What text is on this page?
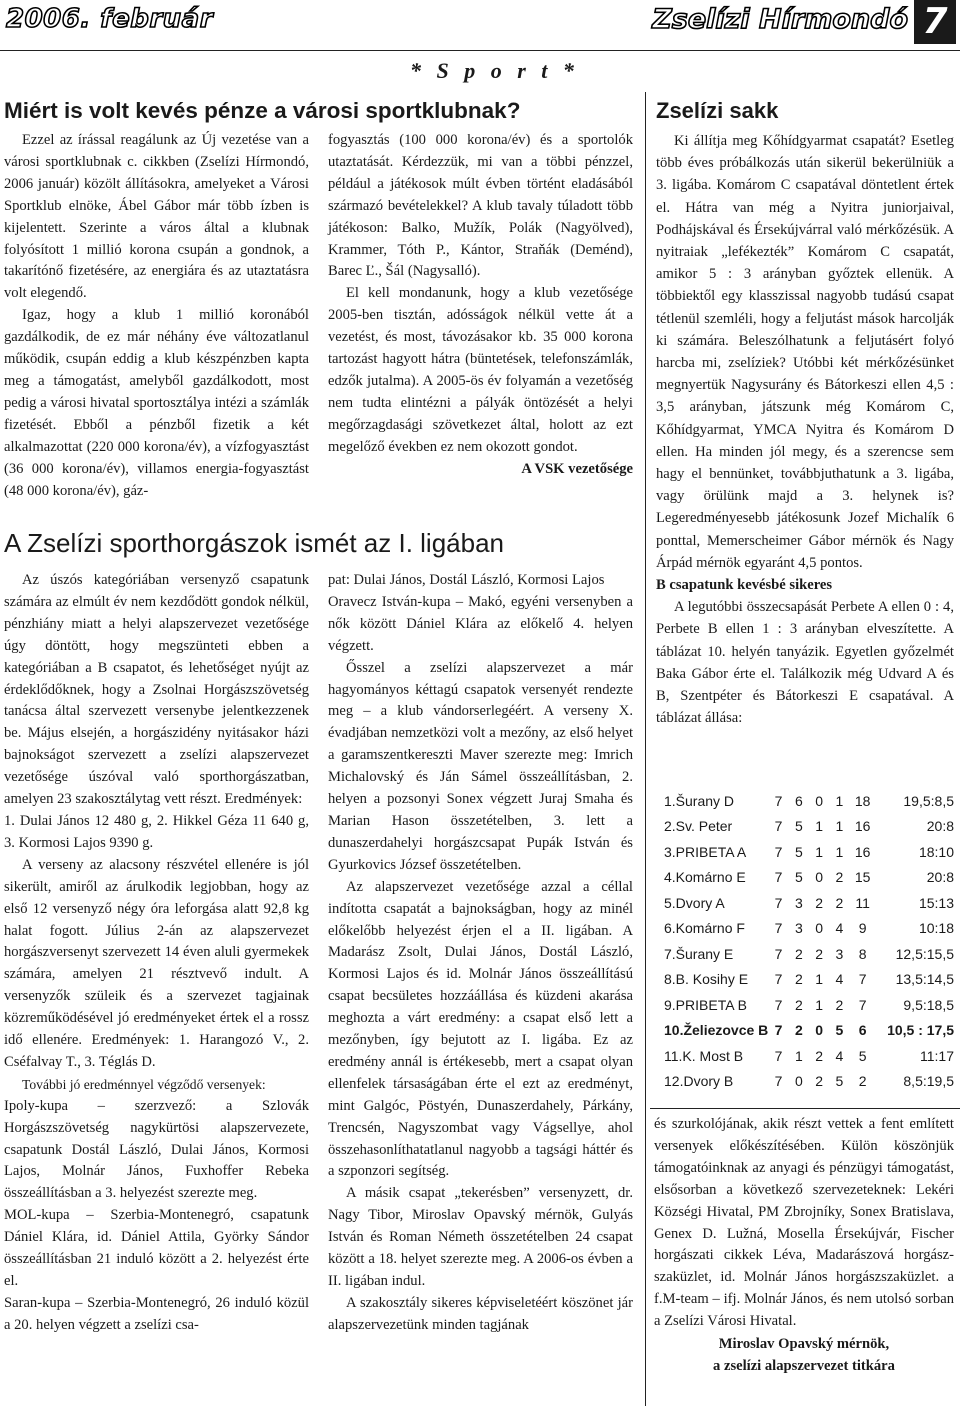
2006. február	Zselízi Hírmondó 7
* S p o r t *
Miért is volt kevés pénze a városi sportklubnak?

Ezzel az írással reagálunk az Új vezetése van a városi sportklubnak c. cikkben (Zselízi Hírmondó, 2006 január) közölt állításokra, amelyeket a Városi Sportklub elnöke, Ábel Gábor már több ízben is kijelentett. Szerinte a város által a klubnak folyósított 1 millió korona csupán a gondnok, a takarítónő fizetésére, az energiára és az utaztatásra volt elegendő.

Igaz, hogy a klub 1 millió koronából gazdálkodik, de ez már néhány éve változatlanul működik, csupán eddig a klub készpénzben kapta meg a támogatást, amelyből gazdálkodott, most pedig a városi hivatal sportosztálya intézi a számlák fizetését. Ebből a pénzből fizetik a két alkalmazottat (220 000 korona/év), a vízfogyasztást (36 000 korona/év), villamos energia-fogyasztást (48 000 korona/év), gáz-

fogyasztás (100 000 korona/év) és a sportolók utaztatását. Kérdezzük, mi van a többi pénzzel, például a játékosok múlt évben történt eladásából származó bevételekkel? A klub tavaly túladott több játékoson: Balko, Mužík, Polák (Nagyölved), Krammer, Tóth P., Kántor, Straňák (Deménd), Barec Ľ., Šál (Nagysalló).

El kell mondanunk, hogy a klub vezetősége 2005-ben tisztán, adósságok nélkül vette át a vezetést, és most, távozásakor kb. 35 000 korona tartozást hagyott hátra (büntetések, telefonszámlák, edzők jutalma). A 2005-ös év folyamán a vezetőség nem tudta elintézni a pályák öntözését a helyi megőrzagdasági szövetkezet által, holott az ezt megelőző években ez nem okozott gondot.

A VSK vezetősége
A Zselízi sporthorgászok ismét az I. ligában

Az úszós kategóriában versenyző csapatunk számára az elmúlt év nem kezdődött gondok nélkül, pénzhiány miatt a helyi alapszervezet vezetősége úgy döntött, hogy megszünteti ebben a kategóriában a B csapatot, és lehetőséget nyújt az érdeklődőknek, hogy a Zsolnai Horgászszövetség tanácsa által szervezett versenybe jelentkezzenek be. Május elsején, a horgászidény nyitásakor házi bajnokságot szervezett a zselízi alapszervezet vezetősége úszóval való sporthorgászatban, amelyen 23 szakosztálytag vett részt. Eredmények:

1. Dulai János 12 480 g, 2. Hikkel Géza 11 640 g, 3. Kormosi Lajos 9390 g.

A verseny az alacsony részvétel ellenére is jól sikerült, amiről az árulkodik legjobban, hogy az első 12 versenyző négy óra leforgása alatt 92,8 kg halat fogott. Július 2-án az alapszervezet horgászversenyt szervezett 14 éven aluli gyermekek számára, amelyen 21 résztvevő indult. A versenyzők szüleik és a szervezet tagjainak közreműködésével jó eredményeket értek el a rossz idő ellenére. Eredmények: 1. Harangozó V., 2. Cséfalvay T., 3. Téglás D.

További jó eredménnyel végződő versenyek:

Ipoly-kupa – szerzvező: a Szlovák Horgászszövetség nagykürtösi alapszervezete, csapatunk Dostál László, Dulai János, Kormosi Lajos, Molnár János, Fuxhoffer Rebeka összeállításban a 3. helyezést szerezte meg.

MOL-kupa – Szerbia-Montenegró, csapatunk Dániel Klára, id. Dániel Attila, Györky Sándor összeállításban 21 induló között a 2. helyezést érte el.

Saran-kupa – Szerbia-Montenegró, 26 induló közül a 20. helyen végzett a zselízi csa-

pat: Dulai János, Dostál László, Kormosi Lajos

Oravecz István-kupa – Makó, egyéni versenyben a nők között Dániel Klára az előkelő 4. helyen végzett.

Ősszel a zselízi alapszervezet a már hagyományos kéttagú csapatok versenyét rendezte meg – a klub vándorserlegéért. A verseny X. évadjában nemzetközi volt a mezőny, az első helyet a garamszentkereszti Maver szerezte meg: Imrich Michalovský és Ján Sámel összeállításban, 2. helyen a pozsonyi Sonex végzett Juraj Smaha és Marian Hason összetételben, 3. lett a dunaszerdahelyi horgászcsapat Pupák István és Gyurkovics József összetételben.

Az alapszervezet vezetősége azzal a céllal indította csapatát a bajnokságban, hogy az minél előkelőbb helyezést érjen el a II. ligában. A Madarász Zsolt, Dulai János, Dostál László, Kormosi Lajos és id. Molnár János összeállítású csapat becsületes hozzáállása és küzdeni akarása meghozta a várt eredmény: a csapat első lett a mezőnyben, így bejutott az I. ligába. Ez az eredmény annál is értékesebb, mert a csapat olyan ellenfelek társaságában érte el ezt az eredményt, mint Galgóc, Pöstyén, Dunaszerdahely, Párkány, Trencsén, Nagyszombat vagy Vágsellye, ahol összehasonlíthatatlanul nagyobb a tagsági háttér és a szponzori segítség.

A másik csapat „tekerésben” versenyzett, dr. Nagy Tibor, Miroslav Opavský mérnök, Gulyás István és Roman Németh összetételben 24 csapat között a 18. helyet szerezte meg. A 2006-os évben a II. ligában indul.

A szakosztály sikeres képviseletéért köszönet jár alapszervezetünk minden tagjának

Zselízi sakk

Ki állítja meg Kőhídgyarmat csapatát? Esetleg több éves próbálkozás után sikerül bekerülniük a 3. ligába. Komárom C csapatával döntetlent értek el. Hátra van még a Nyitra juniorjaival, Podhájskával és Érsekújvárral való mérkőzésük. A nyitraiak „lefékezték” Komárom C csapatát, amikor 5 : 3 arányban győztek ellenük. A többiektől egy klasszissal nagyobb tudású csapat tétlenül szemléli, hogy a feljutást mások harcolják ki számára. Beleszólhatunk a feljutásért folyó harcba mi, zselíziek? Utóbbi két mérkőzésünket megnyertük Nagysurány és Bátorkeszi ellen 4,5 : 3,5 arányban, játszunk még Komárom C, Kőhídgyarmat, YMCA Nyitra és Komárom D ellen. Ha minden jól megy, és a szerencse sem hagy el bennünket, továbbjuthatunk a 3. ligába, vagy örülünk majd a 3. helynek is? Legeredményesebb játékosunk Jozef Michalík 6 ponttal, Memerscheimer Gábor mérnök és Nagy Árpád mérnök egyaránt 4,5 pontos.

B csapatunk kevésbé sikeres

A legutóbbi összecsapását Perbete A ellen 0 : 4, Perbete B ellen 1 : 3 arányban elveszítette. A táblázat 10. helyén tanyázik. Egyetlen győzelmét Baka Gábor érte el. Találkozik még Udvard A és B, Szentpéter és Bátorkeszi E csapatával. A táblázat állása:

1.Šurany D	7	6	0	1	18	19,5:8,5
2.Sv. Peter	7	5	1	1	16	20:8
3.PRIBETA A	7	5	1	1	16	18:10
4.Komárno E	7	5	0	2	15	20:8
5.Dvory A	7	3	2	2	11	15:13
6.Komárno F	7	3	0	4	9	10:18
7.Šurany E	7	2	2	3	8	12,5:15,5
8.B. Kosihy E	7	2	1	4	7	13,5:14,5
9.PRIBETA B	7	2	1	2	7	9,5:18,5
10.Želiezovce B	7	2	0	5	6	10,5 : 17,5
11.K. Most B	7	1	2	4	5	11:17
12.Dvory B	7	0	2	5	2	8,5:19,5

és szurkolójának, akik részt vettek a fent említett versenyek előkészítésében. Külön köszönjük támogatóinknak az anyagi és pénzügyi támogatást, elsősorban a következő szervezeteknek: Lekéri Községi Hivatal, PM Zbrojníky, Sonex Bratislava, Genex D. Lužná, Mosella Érsekújvár, Fischer horgászati cikkek Léva, Madarászová horgász-szaküzlet, id. Molnár János horgászszaküzlet. a f.M-team – ifj. Molnár János, és nem utolsó sorban a Zselízi Városi Hivatal.

Miroslav Opavský mérnök,
a zselízi alapszervezet titkára
